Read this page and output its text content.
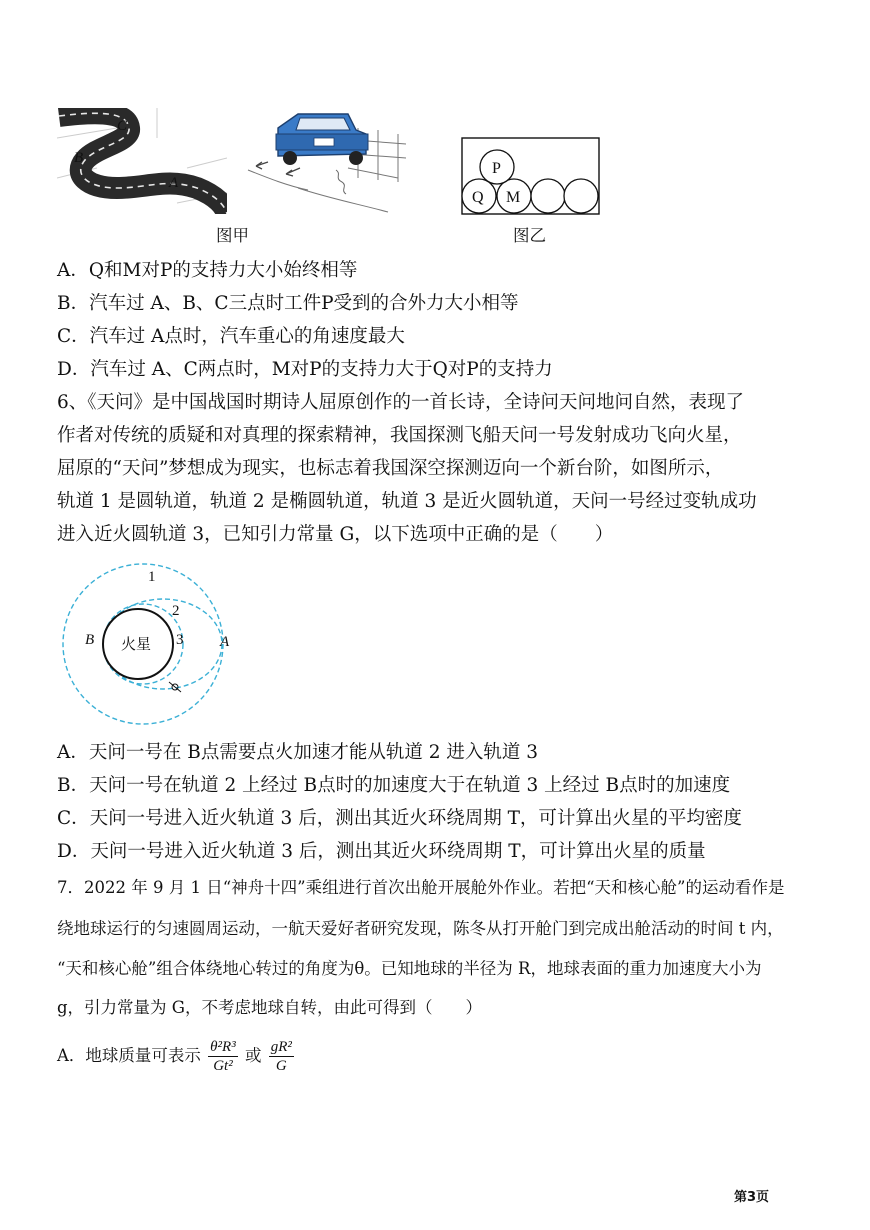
C
B
A
图甲
P
Q M
图乙
A．Q和M对P的支持力大小始终相等
B．汽车过 A、B、C三点时工件P受到的合外力大小相等
C．汽车过 A点时，汽车重心的角速度最大
D．汽车过 A、C两点时，M对P的支持力大于Q对P的支持力
6、《天问》是中国战国时期诗人屈原创作的一首长诗，全诗问天问地问自然，表现了
作者对传统的质疑和对真理的探索精神，我国探测飞船天问一号发射成功飞向火星，
屈原的“天问”梦想成为现实，也标志着我国深空探测迈向一个新台阶，如图所示，
轨道 1 是圆轨道，轨道 2 是椭圆轨道，轨道 3 是近火圆轨道，天问一号经过变轨成功
进入近火圆轨道 3，已知引力常量 G，以下选项中正确的是（　　）
1
2
3
B	A
火星
A．天问一号在 B点需要点火加速才能从轨道 2 进入轨道 3
B．天问一号在轨道 2 上经过 B点时的加速度大于在轨道 3 上经过 B点时的加速度
C．天问一号进入近火轨道 3 后，测出其近火环绕周期 T，可计算出火星的平均密度
D．天问一号进入近火轨道 3 后，测出其近火环绕周期 T，可计算出火星的质量
7．2022 年 9 月 1 日“神舟十四”乘组进行首次出舱开展舱外作业。若把“天和核心舱”的运动看作是
绕地球运行的匀速圆周运动，一航天爱好者研究发现，陈冬从打开舱门到完成出舱活动的时间 t 内，
“天和核心舱”组合体绕地心转过的角度为θ。已知地球的半径为 R，地球表面的重力加速度大小为
g，引力常量为 G，不考虑地球自转，由此可得到（　　）
A．地球质量可表示 $\frac{\text{θ²R³}}{\text{Gt²}}$ 或 $\frac{\text{gR²}}{G}$
第3页
